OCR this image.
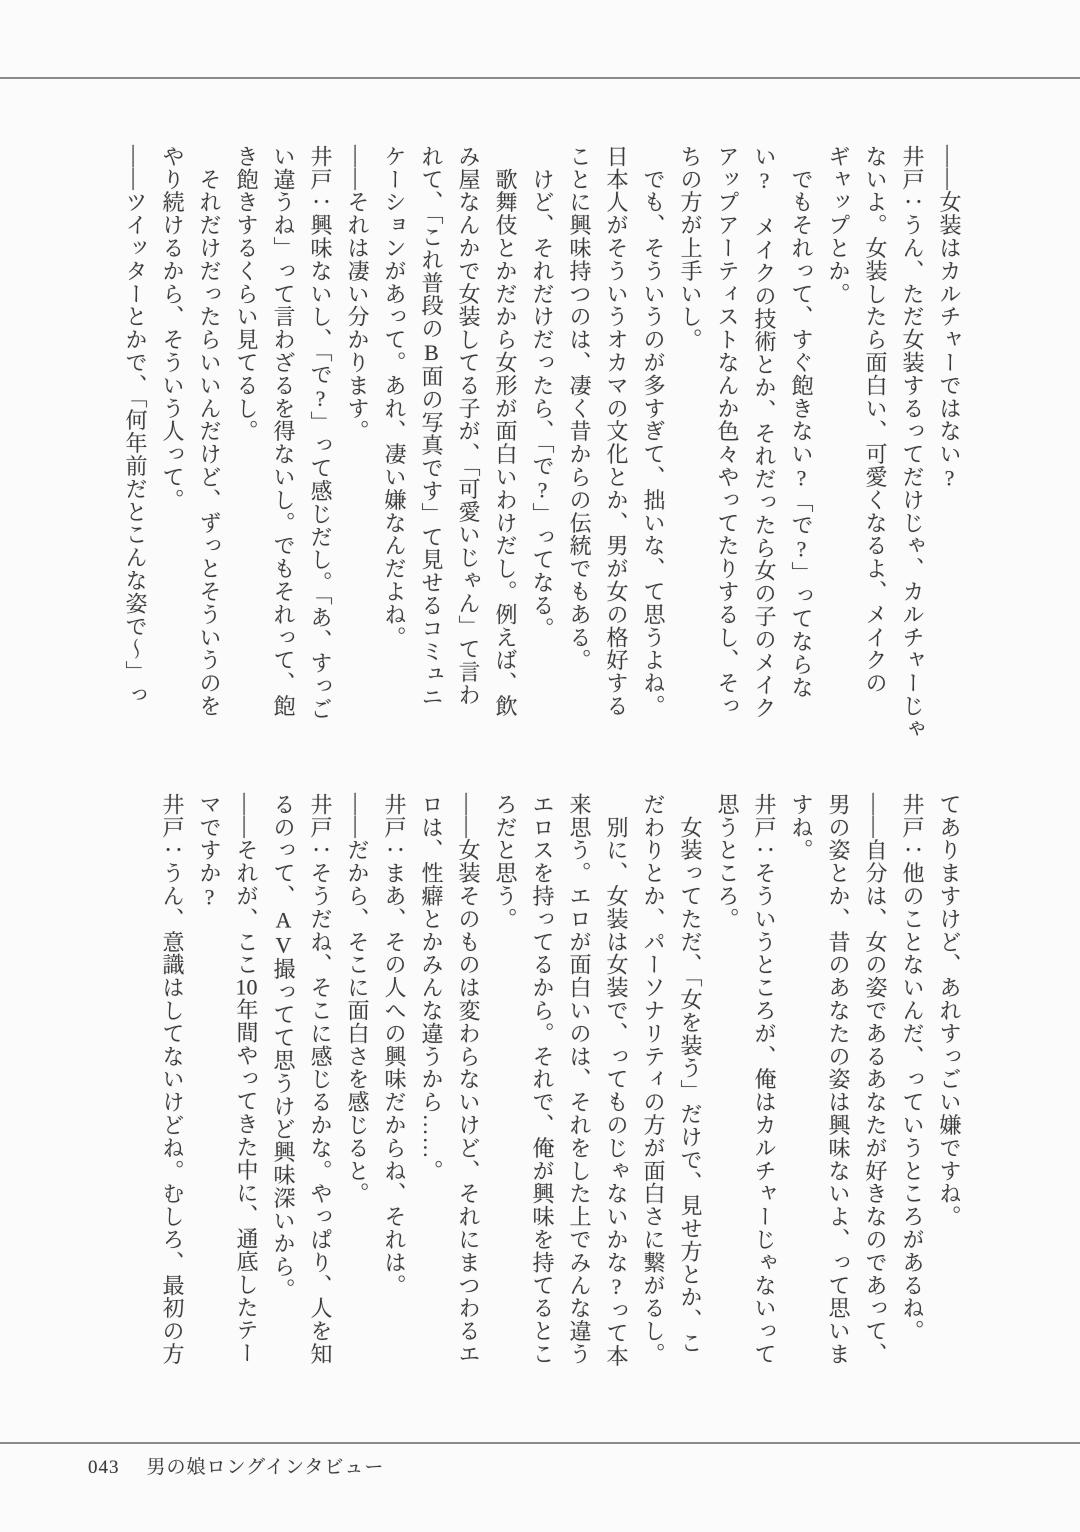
——女装はカルチャーではない?
井戸：うん、ただ女装するってだけじゃ、カルチャーじゃ
ないよ。女装したら面白い、可愛くなるよ、メイクの
ギャップとか。
　でもそれって、すぐ飽きない?「で?」ってならな
い?　メイクの技術とか、それだったら女の子のメイク
アップアーティストなんか色々やってたりするし、そっ
ちの方が上手いし。
　でも、そういうのが多すぎて、拙いな、て思うよね。
日本人がそういうオカマの文化とか、男が女の格好する
ことに興味持つのは、凄く昔からの伝統でもある。
　けど、それだけだったら、「で?」ってなる。
　歌舞伎とかだから女形が面白いわけだし。例えば、飲
み屋なんかで女装してる子が、「可愛いじゃん」て言わ
れて、「これ普段のB面の写真です」て見せるコミュニ
ケーションがあって。あれ、凄い嫌なんだよね。
——それは凄い分かります。
井戸：興味ないし、「で?」って感じだし。「あ、すっご
い違うね」って言わざるを得ないし。でもそれって、飽
き飽きするくらい見てるし。
　それだけだったらいいんだけど、ずっとそういうのを
やり続けるから、そういう人って。
——ツイッターとかで、「何年前だとこんな姿で〜」っ
てありますけど、あれすっごい嫌ですね。
井戸：他のことないんだ、っていうところがあるね。
——自分は、女の姿であるあなたが好きなのであって、
男の姿とか、昔のあなたの姿は興味ないよ、って思いま
すね。
井戸：そういうところが、俺はカルチャーじゃないって
思うところ。
　女装ってただ、「女を装う」だけで、見せ方とか、こ
だわりとか、パーソナリティの方が面白さに繋がるし。
　別に、女装は女装で、ってものじゃないかな?って本
来思う。エロが面白いのは、それをした上でみんな違う
エロスを持ってるから。それで、俺が興味を持てるとこ
ろだと思う。
——女装そのものは変わらないけど、それにまつわるエ
ロは、性癖とかみんな違うから……。
井戸：まあ、その人への興味だからね、それは。
——だから、そこに面白さを感じると。
井戸：そうだね、そこに感じるかな。やっぱり、人を知
るのって、AV撮ってて思うけど興味深いから。
——それが、ここ10年間やってきた中に、通底したテー
マですか?
井戸：うん、意識はしてないけどね。むしろ、最初の方
043 男の娘ロングインタビュー
